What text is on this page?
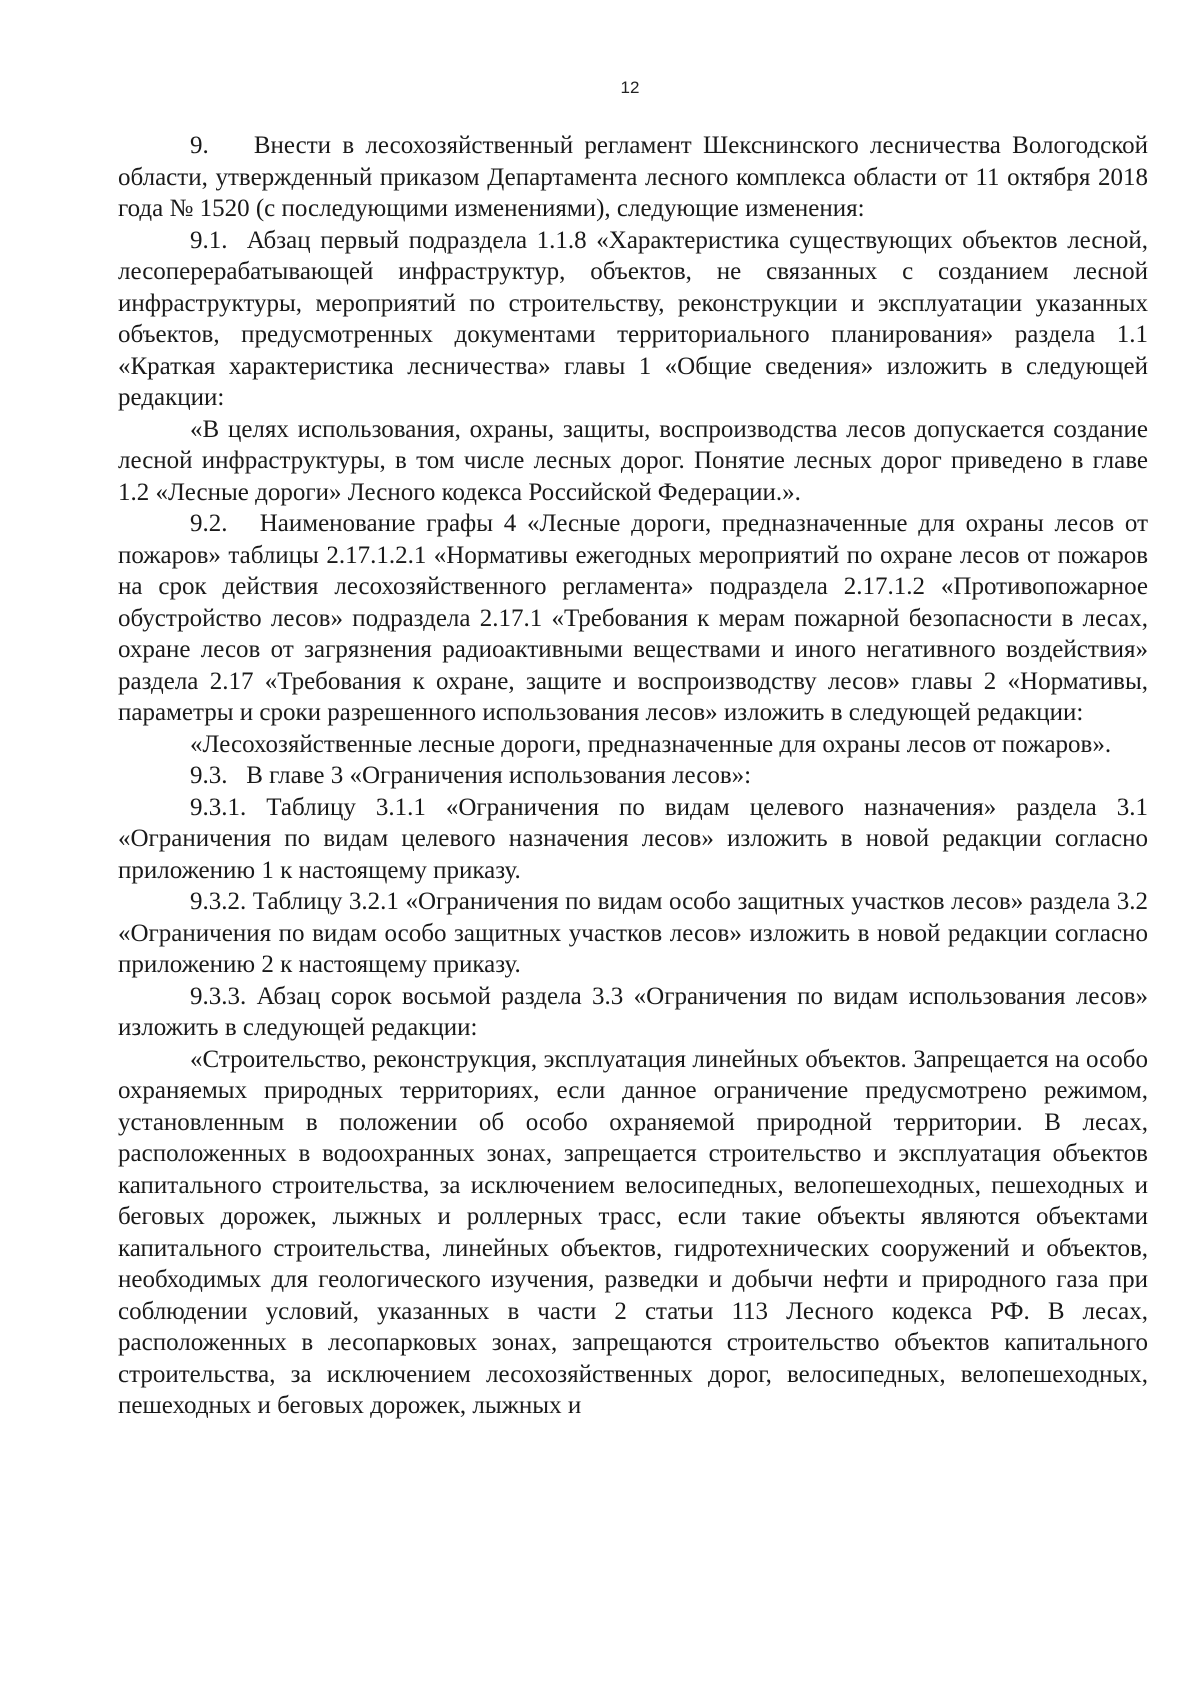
12

9.    Внести в лесохозяйственный регламент Шекснинского лесничества Вологодской области, утвержденный приказом Департамента лесного комплекса области от 11 октября 2018 года № 1520 (с последующими изменениями), следующие изменения:

9.1.  Абзац первый подраздела 1.1.8 «Характеристика существующих объектов лесной, лесоперерабатывающей инфраструктур, объектов, не связанных с созданием лесной инфраструктуры, мероприятий по строительству, реконструкции и эксплуатации указанных объектов, предусмотренных документами территориального планирования» раздела 1.1 «Краткая характеристика лесничества» главы 1 «Общие сведения» изложить в следующей редакции:

«В целях использования, охраны, защиты, воспроизводства лесов допускается создание лесной инфраструктуры, в том числе лесных дорог. Понятие лесных дорог приведено в главе 1.2 «Лесные дороги» Лесного кодекса Российской Федерации.».

9.2.   Наименование графы 4 «Лесные дороги, предназначенные для охраны лесов от пожаров» таблицы 2.17.1.2.1 «Нормативы ежегодных мероприятий по охране лесов от пожаров на срок действия лесохозяйственного регламента» подраздела 2.17.1.2 «Противопожарное обустройство лесов» подраздела 2.17.1 «Требования к мерам пожарной безопасности в лесах, охране лесов от загрязнения радиоактивными веществами и иного негативного воздействия» раздела 2.17 «Требования к охране, защите и воспроизводству лесов» главы 2 «Нормативы, параметры и сроки разрешенного использования лесов» изложить в следующей редакции:

«Лесохозяйственные лесные дороги, предназначенные для охраны лесов от пожаров».

9.3.   В главе 3 «Ограничения использования лесов»:

9.3.1. Таблицу 3.1.1 «Ограничения по видам целевого назначения» раздела 3.1 «Ограничения по видам целевого назначения лесов» изложить в новой редакции согласно приложению 1 к настоящему приказу.

9.3.2. Таблицу 3.2.1 «Ограничения по видам особо защитных участков лесов» раздела 3.2 «Ограничения по видам особо защитных участков лесов» изложить в новой редакции согласно приложению 2 к настоящему приказу.

9.3.3. Абзац сорок восьмой раздела 3.3 «Ограничения по видам использования лесов» изложить в следующей редакции:

«Строительство, реконструкция, эксплуатация линейных объектов. Запрещается на особо охраняемых природных территориях, если данное ограничение предусмотрено режимом, установленным в положении об особо охраняемой природной территории. В лесах, расположенных в водоохранных зонах, запрещается строительство и эксплуатация объектов капитального строительства, за исключением велосипедных, велопешеходных, пешеходных и беговых дорожек, лыжных и роллерных трасс, если такие объекты являются объектами капитального строительства, линейных объектов, гидротехнических сооружений и объектов, необходимых для геологического изучения, разведки и добычи нефти и природного газа при соблюдении условий, указанных в части 2 статьи 113 Лесного кодекса РФ. В лесах, расположенных в лесопарковых зонах, запрещаются строительство объектов капитального строительства, за исключением лесохозяйственных дорог, велосипедных, велопешеходных, пешеходных и беговых дорожек, лыжных и
